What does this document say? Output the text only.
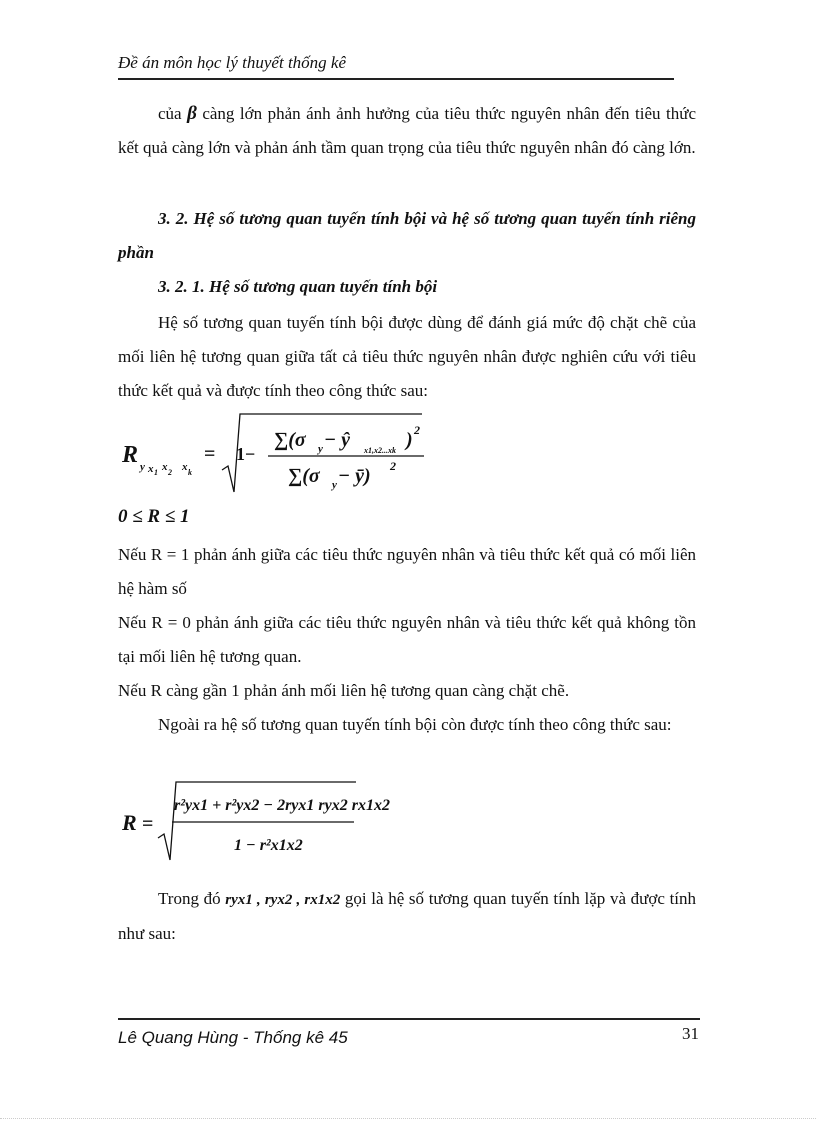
Đề án môn học lý thuyết thống kê
của β càng lớn phản ánh ảnh hưởng của tiêu thức nguyên nhân đến tiêu thức kết quả càng lớn và phản ánh tầm quan trọng của tiêu thức nguyên nhân đó càng lớn.
3. 2. Hệ số tương quan tuyến tính bội và hệ số tương quan tuyến tính riêng phần
3. 2. 1. Hệ số tương quan tuyến tính bội
Hệ số tương quan tuyến tính bội được dùng để đánh giá mức độ chặt chẽ của mối liên hệ tương quan giữa tất cả tiêu thức nguyên nhân được nghiên cứu với tiêu thức kết quả và được tính theo công thức sau:
R y x 1 x 2 x k
= 1−
∑(σ y − ŷ x1,x2...xk ) 2
∑(σ y − ȳ) 2
0 ≤ R ≤ 1
Nếu R = 1 phản ánh giữa các tiêu thức nguyên nhân và tiêu thức kết quả có mối liên hệ hàm số
Nếu R = 0 phản ánh giữa các tiêu thức nguyên nhân và tiêu thức kết quả không tồn tại mối liên hệ tương quan.
Nếu R càng gần 1 phản ánh mối liên hệ tương quan càng chặt chẽ.
Ngoài ra hệ số tương quan tuyến tính bội còn được tính theo công thức sau:
R =
r²yx1 + r²yx2 − 2ryx1 ryx2 rx1x2
1 − r²x1x2
Trong đó ryx1 , ryx2 , rx1x2 gọi là hệ số tương quan tuyến tính lặp và được tính như sau:
Lê Quang Hùng - Thống kê 45	31
